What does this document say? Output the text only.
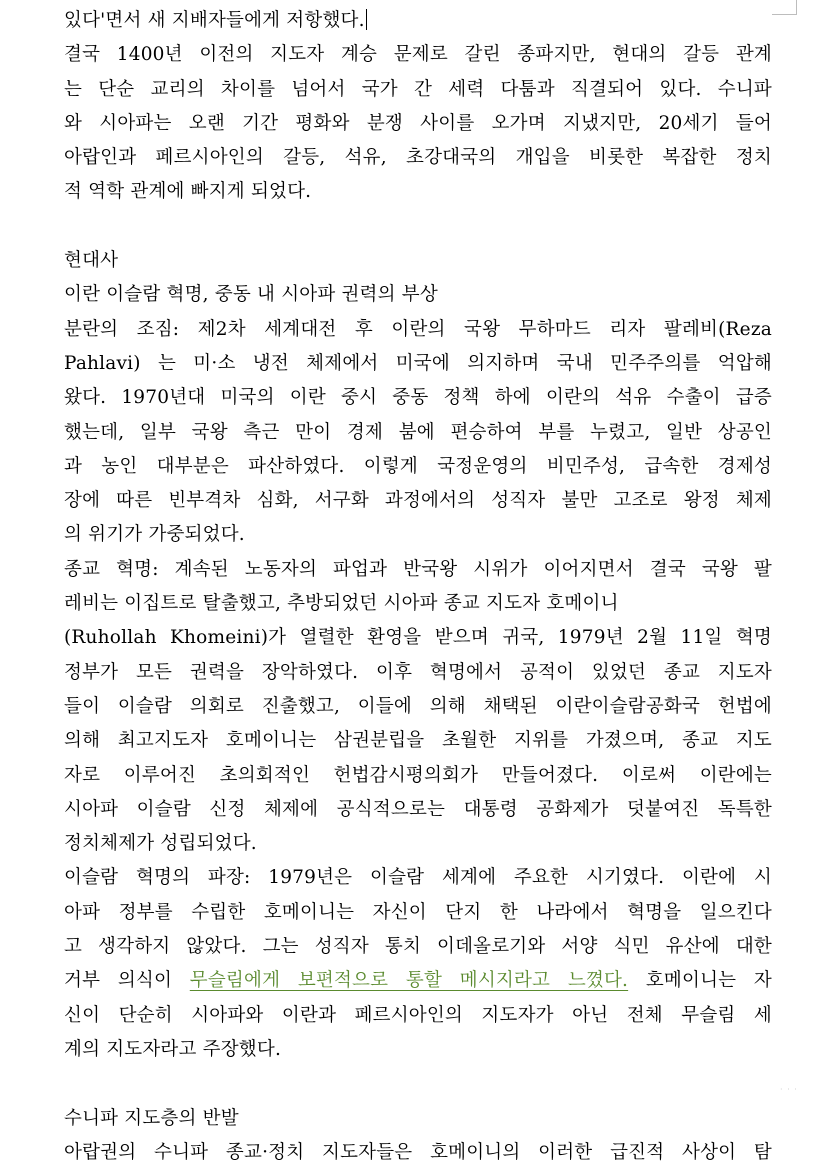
있다'면서 새 지배자들에게 저항했다.
결국 1400년 이전의 지도자 계승 문제로 갈린 종파지만, 현대의 갈등 관계
는 단순 교리의 차이를 넘어서 국가 간 세력 다툼과 직결되어 있다. 수니파
와 시아파는 오랜 기간 평화와 분쟁 사이를 오가며 지냈지만, 20세기 들어
아랍인과 페르시아인의 갈등, 석유, 초강대국의 개입을 비롯한 복잡한 정치
적 역학 관계에 빠지게 되었다.
현대사
이란 이슬람 혁명, 중동 내 시아파 권력의 부상
분란의 조짐: 제2차 세계대전 후 이란의 국왕 무하마드 리자 팔레비(Reza
Pahlavi) 는 미·소 냉전 체제에서 미국에 의지하며 국내 민주주의를 억압해
왔다. 1970년대 미국의 이란 중시 중동 정책 하에 이란의 석유 수출이 급증
했는데, 일부 국왕 측근 만이 경제 붐에 편승하여 부를 누렸고, 일반 상공인
과 농인 대부분은 파산하였다. 이렇게 국정운영의 비민주성, 급속한 경제성
장에 따른 빈부격차 심화, 서구화 과정에서의 성직자 불만 고조로 왕정 체제
의 위기가 가중되었다.
종교 혁명: 계속된 노동자의 파업과 반국왕 시위가 이어지면서 결국 국왕 팔
레비는 이집트로 탈출했고, 추방되었던 시아파 종교 지도자 호메이니
(Ruhollah Khomeini)가 열렬한 환영을 받으며 귀국, 1979년 2월 11일 혁명
정부가 모든 권력을 장악하였다. 이후 혁명에서 공적이 있었던 종교 지도자
들이 이슬람 의회로 진출했고, 이들에 의해 채택된 이란이슬람공화국 헌법에
의해 최고지도자 호메이니는 삼권분립을 초월한 지위를 가졌으며, 종교 지도
자로 이루어진 초의회적인 헌법감시평의회가 만들어졌다. 이로써 이란에는
시아파 이슬람 신정 체제에 공식적으로는 대통령 공화제가 덧붙여진 독특한
정치체제가 성립되었다.
이슬람 혁명의 파장: 1979년은 이슬람 세계에 주요한 시기였다. 이란에 시
아파 정부를 수립한 호메이니는 자신이 단지 한 나라에서 혁명을 일으킨다
고 생각하지 않았다. 그는 성직자 통치 이데올로기와 서양 식민 유산에 대한
거부 의식이 무슬림에게 보편적으로 통할 메시지라고 느꼈다. 호메이니는 자
신이 단순히 시아파와 이란과 페르시아인의 지도자가 아닌 전체 무슬림 세
계의 지도자라고 주장했다.
수니파 지도층의 반발
아랍권의 수니파 종교·정치 지도자들은 호메이니의 이러한 급진적 사상이 탐
· · ·
